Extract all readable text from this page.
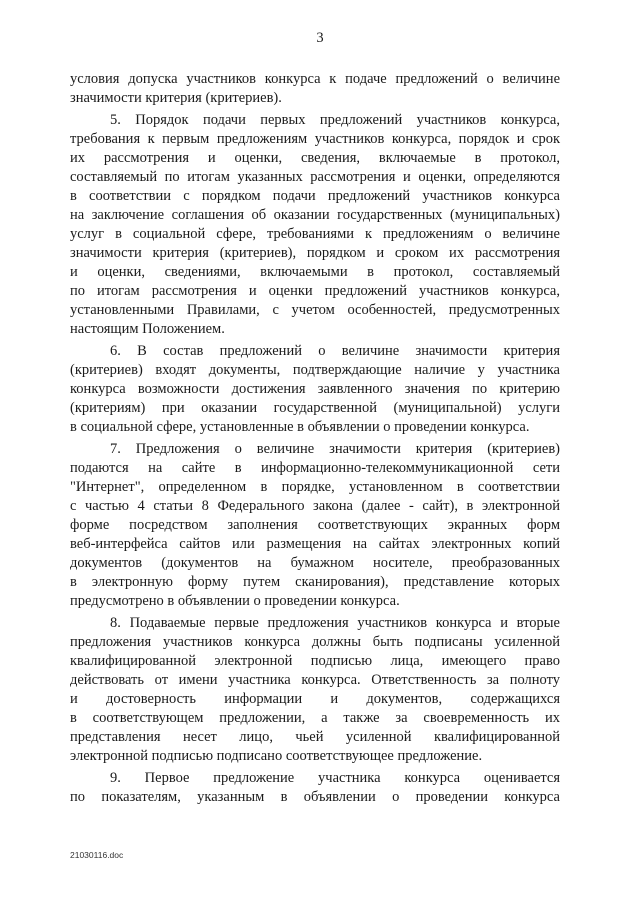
3
условия допуска участников конкурса к подаче предложений о величине
значимости критерия (критериев).
5. Порядок подачи первых предложений участников конкурса,
требования к первым предложениям участников конкурса, порядок и срок
их рассмотрения и оценки, сведения, включаемые в протокол,
составляемый по итогам указанных рассмотрения и оценки, определяются
в соответствии с порядком подачи предложений участников конкурса
на заключение соглашения об оказании государственных (муниципальных)
услуг в социальной сфере, требованиями к предложениям о величине
значимости критерия (критериев), порядком и сроком их рассмотрения
и оценки, сведениями, включаемыми в протокол, составляемый
по итогам рассмотрения и оценки предложений участников конкурса,
установленными Правилами, с учетом особенностей, предусмотренных
настоящим Положением.
6. В состав предложений о величине значимости критерия
(критериев) входят документы, подтверждающие наличие у участника
конкурса возможности достижения заявленного значения по критерию
(критериям) при оказании государственной (муниципальной) услуги
в социальной сфере, установленные в объявлении о проведении конкурса.
7. Предложения о величине значимости критерия (критериев)
подаются на сайте в информационно-телекоммуникационной сети
"Интернет", определенном в порядке, установленном в соответствии
с частью 4 статьи 8 Федерального закона (далее - сайт), в электронной
форме посредством заполнения соответствующих экранных форм
веб-интерфейса сайтов или размещения на сайтах электронных копий
документов (документов на бумажном носителе, преобразованных
в электронную форму путем сканирования), представление которых
предусмотрено в объявлении о проведении конкурса.
8. Подаваемые первые предложения участников конкурса и вторые
предложения участников конкурса должны быть подписаны усиленной
квалифицированной электронной подписью лица, имеющего право
действовать от имени участника конкурса. Ответственность за полноту
и достоверность информации и документов, содержащихся
в соответствующем предложении, а также за своевременность их
представления несет лицо, чьей усиленной квалифицированной
электронной подписью подписано соответствующее предложение.
9. Первое предложение участника конкурса оценивается
по показателям, указанным в объявлении о проведении конкурса
21030116.doc
